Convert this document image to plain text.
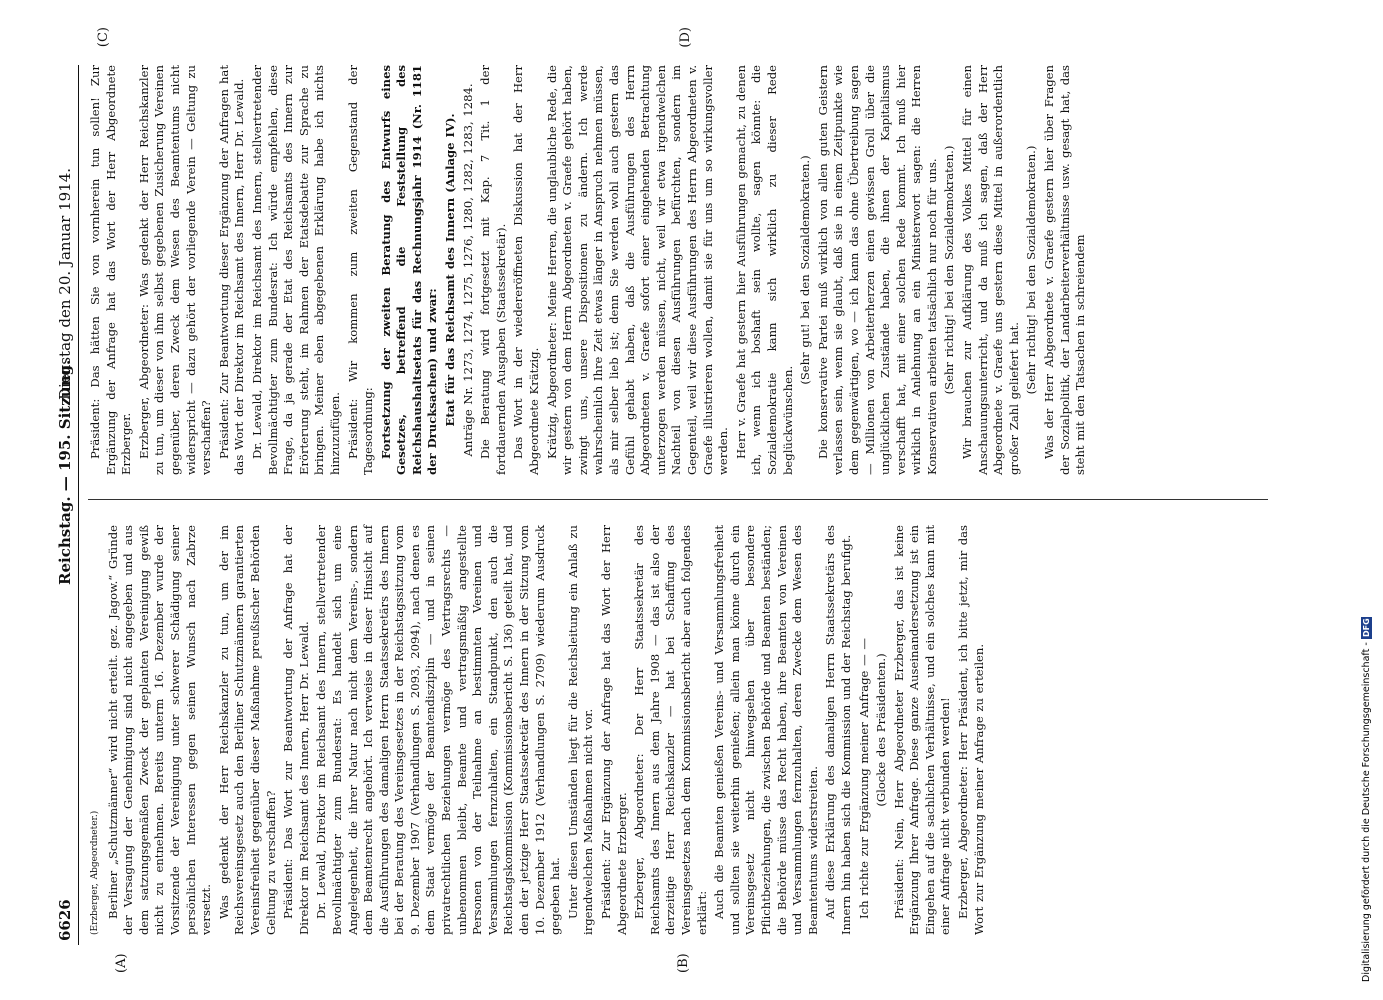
6626
Reichstag. — 195. Sitzung.
Dienstag den 20. Januar 1914.
(A)	(B)
(C)	(D)

(Erzberger, Abgeordneter.) Berliner „Schutzmänner“ wird nicht erteilt. gez. Jagow.“ Gründe der Versagung der Genehmigung sind nicht angegeben und aus dem satzungsgemäßen Zweck der geplanten Vereinigung gewiß nicht zu entnehmen. Bereits unterm 16. Dezember wurde der Vorsitzende der Vereinigung unter schwerer Schädigung seiner persönlichen Interessen gegen seinen Wunsch nach Zabrze versetzt. Was gedenkt der Herr Reichskanzler zu tun, um der im Reichsvereinsgesetz auch den Berliner Schutzmännern garantierten Vereinsfreiheit gegenüber dieser Maßnahme preußischer Behörden Geltung zu verschaffen? Präsident: Das Wort zur Beantwortung der Anfrage hat der Direktor im Reichsamt des Innern, Herr Dr. Lewald. Dr. Lewald, Direktor im Reichsamt des Innern, stellvertretender Bevollmächtigter zum Bundesrat: Es handelt sich um eine Angelegenheit, die ihrer Natur nach nicht dem Vereins-, sondern dem Beamtenrecht angehört. Ich verweise in dieser Hinsicht auf die Ausführungen des damaligen Herrn Staatssekretärs des Innern bei der Beratung des Vereinsgesetzes in der Reichstagssitzung vom 9. Dezember 1907 (Verhandlungen S. 2093, 2094), nach denen es dem Staat vermöge der Beamtendisziplin — und in seinen privatrechtlichen Beziehungen vermöge des Vertragsrechts — unbenommen bleibt, Beamte und vertragsmäßig angestellte Personen von der Teilnahme an bestimmten Vereinen und Versammlungen fernzuhalten, ein Standpunkt, den auch die Reichstagskommission (Kommissionsbericht S. 136) geteilt hat, und den der jetzige Herr Staatssekretär des Innern in der Sitzung vom 10. Dezember 1912 (Verhandlungen S. 2709) wiederum Ausdruck gegeben hat. Unter diesen Umständen liegt für die Reichsleitung ein Anlaß zu irgendwelchen Maßnahmen nicht vor. Präsident: Zur Ergänzung der Anfrage hat das Wort der Herr Abgeordnete Erzberger. Erzberger, Abgeordneter: Der Herr Staatssekretär des Reichsamts des Innern aus dem Jahre 1908 — das ist also der derzeitige Herr Reichskanzler — hat bei Schaffung des Vereinsgesetzes nach dem Kommissionsbericht aber auch folgendes erklärt: Auch die Beamten genießen Vereins- und Versammlungsfreiheit und sollten sie weiterhin genießen; allein man könne durch ein Vereinsgesetz nicht hinwegsehen über besondere Pflichtbeziehungen, die zwischen Behörde und Beamten beständen; die Behörde müsse das Recht haben, ihre Beamten von Vereinen und Versammlungen fernzuhalten, deren Zwecke dem Wesen des Beamtentums widerstreiten. Auf diese Erklärung des damaligen Herrn Staatssekretärs des Innern hin haben sich die Kommission und der Reichstag berufigt. Ich richte zur Ergänzung meiner Anfrage — — (Glocke des Präsidenten.) Präsident: Nein, Herr Abgeordneter Erzberger, das ist keine Ergänzung Ihrer Anfrage. Diese ganze Auseinandersetzung ist ein Eingehen auf die sachlichen Verhältnisse, und ein solches kann mit einer Anfrage nicht verbunden werden! Erzberger, Abgeordneter: Herr Präsident, ich bitte jetzt, mir das Wort zur Ergänzung meiner Anfrage zu erteilen.

Präsident: Das hätten Sie von vornherein tun sollen! Zur Ergänzung der Anfrage hat das Wort der Herr Abgeordnete Erzberger. Erzberger, Abgeordneter: Was gedenkt der Herr Reichskanzler zu tun, um dieser von ihm selbst gegebenen Zusicherung Vereinen gegenüber, deren Zweck dem Wesen des Beamtentums nicht widerspricht — dazu gehört der vorliegende Verein — Geltung zu verschaffen? Präsident: Zur Beantwortung dieser Ergänzung der Anfragen hat das Wort der Direktor im Reichsamt des Innern, Herr Dr. Lewald. Dr. Lewald, Direktor im Reichsamt des Innern, stellvertretender Bevollmächtigter zum Bundesrat: Ich würde empfehlen, diese Frage, da ja gerade der Etat des Reichsamts des Innern zur Erörterung steht, im Rahmen der Etatsdebatte zur Sprache zu bringen. Meiner eben abgegebenen Erklärung habe ich nichts hinzuzufügen. Präsident: Wir kommen zum zweiten Gegenstand der Tagesordnung: Fortsetzung der zweiten Beratung des Entwurfs eines Gesetzes, betreffend die Feststellung des Reichshaushaltsetats für das Rechnungsjahr 1914 (Nr. 1181 der Drucksachen) und zwar: Etat für das Reichsamt des Innern (Anlage IV). Anträge Nr. 1273, 1274, 1275, 1276, 1280, 1282, 1283, 1284. Die Beratung wird fortgesetzt mit Kap. 7 Tit. 1 der fortdauernden Ausgaben (Staatssekretär). Das Wort in der wiedereröffneten Diskussion hat der Herr Abgeordnete Krätzig. Krätzig, Abgeordneter: Meine Herren, die unglaubliche Rede, die wir gestern von dem Herrn Abgeordneten v. Graefe gehört haben, zwingt uns, unsere Dispositionen zu ändern. Ich werde wahrscheinlich Ihre Zeit etwas länger in Anspruch nehmen müssen, als mir selber lieb ist; denn Sie werden wohl auch gestern das Gefühl gehabt haben, daß die Ausführungen des Herrn Abgeordneten v. Graefe sofort einer eingehenden Betrachtung unterzogen werden müssen, nicht, weil wir etwa irgendwelchen Nachteil von diesen Ausführungen befürchten, sondern im Gegenteil, weil wir diese Ausführungen des Herrn Abgeordneten v. Graefe illustrieren wollen, damit sie für uns um so wirkungsvoller werden. Herr v. Graefe hat gestern hier Ausführungen gemacht, zu denen ich, wenn ich boshaft sein wollte, sagen könnte: die Sozialdemokratie kann sich wirklich zu dieser Rede beglückwünschen.

(Sehr gut! bei den Sozialdemokraten.) Die konservative Partei muß wirklich von allen guten Geistern verlassen sein, wenn sie glaubt, daß sie in einem Zeitpunkte wie dem gegenwärtigen, wo — ich kann das ohne Übertreibung sagen — Millionen von Arbeiterherzen einen gewissen Groll über die unglücklichen Zustände haben, die ihnen der Kapitalismus verschafft hat, mit einer solchen Rede kommt. Ich muß hier wirklich in Anlehnung an ein Ministerwort sagen: die Herren Konservativen arbeiten tatsächlich nur noch für uns. (Sehr richtig! bei den Sozialdemokraten.) Wir brauchen zur Aufklärung des Volkes Mittel für einen Anschauungsunterricht, und da muß ich sagen, daß der Herr Abgeordnete v. Graefe uns gestern diese Mittel in außerordentlich großer Zahl geliefert hat.

(Sehr richtig! bei den Sozialdemokraten.) Was der Herr Abgeordnete v. Graefe gestern hier über Fragen der Sozialpolitik, der Landarbeiterverhältnisse usw. gesagt hat, das steht mit den Tatsachen in schreiendem

Digitalisierung gefördert durch die Deutsche Forschungsgemeinschaft - DFG
